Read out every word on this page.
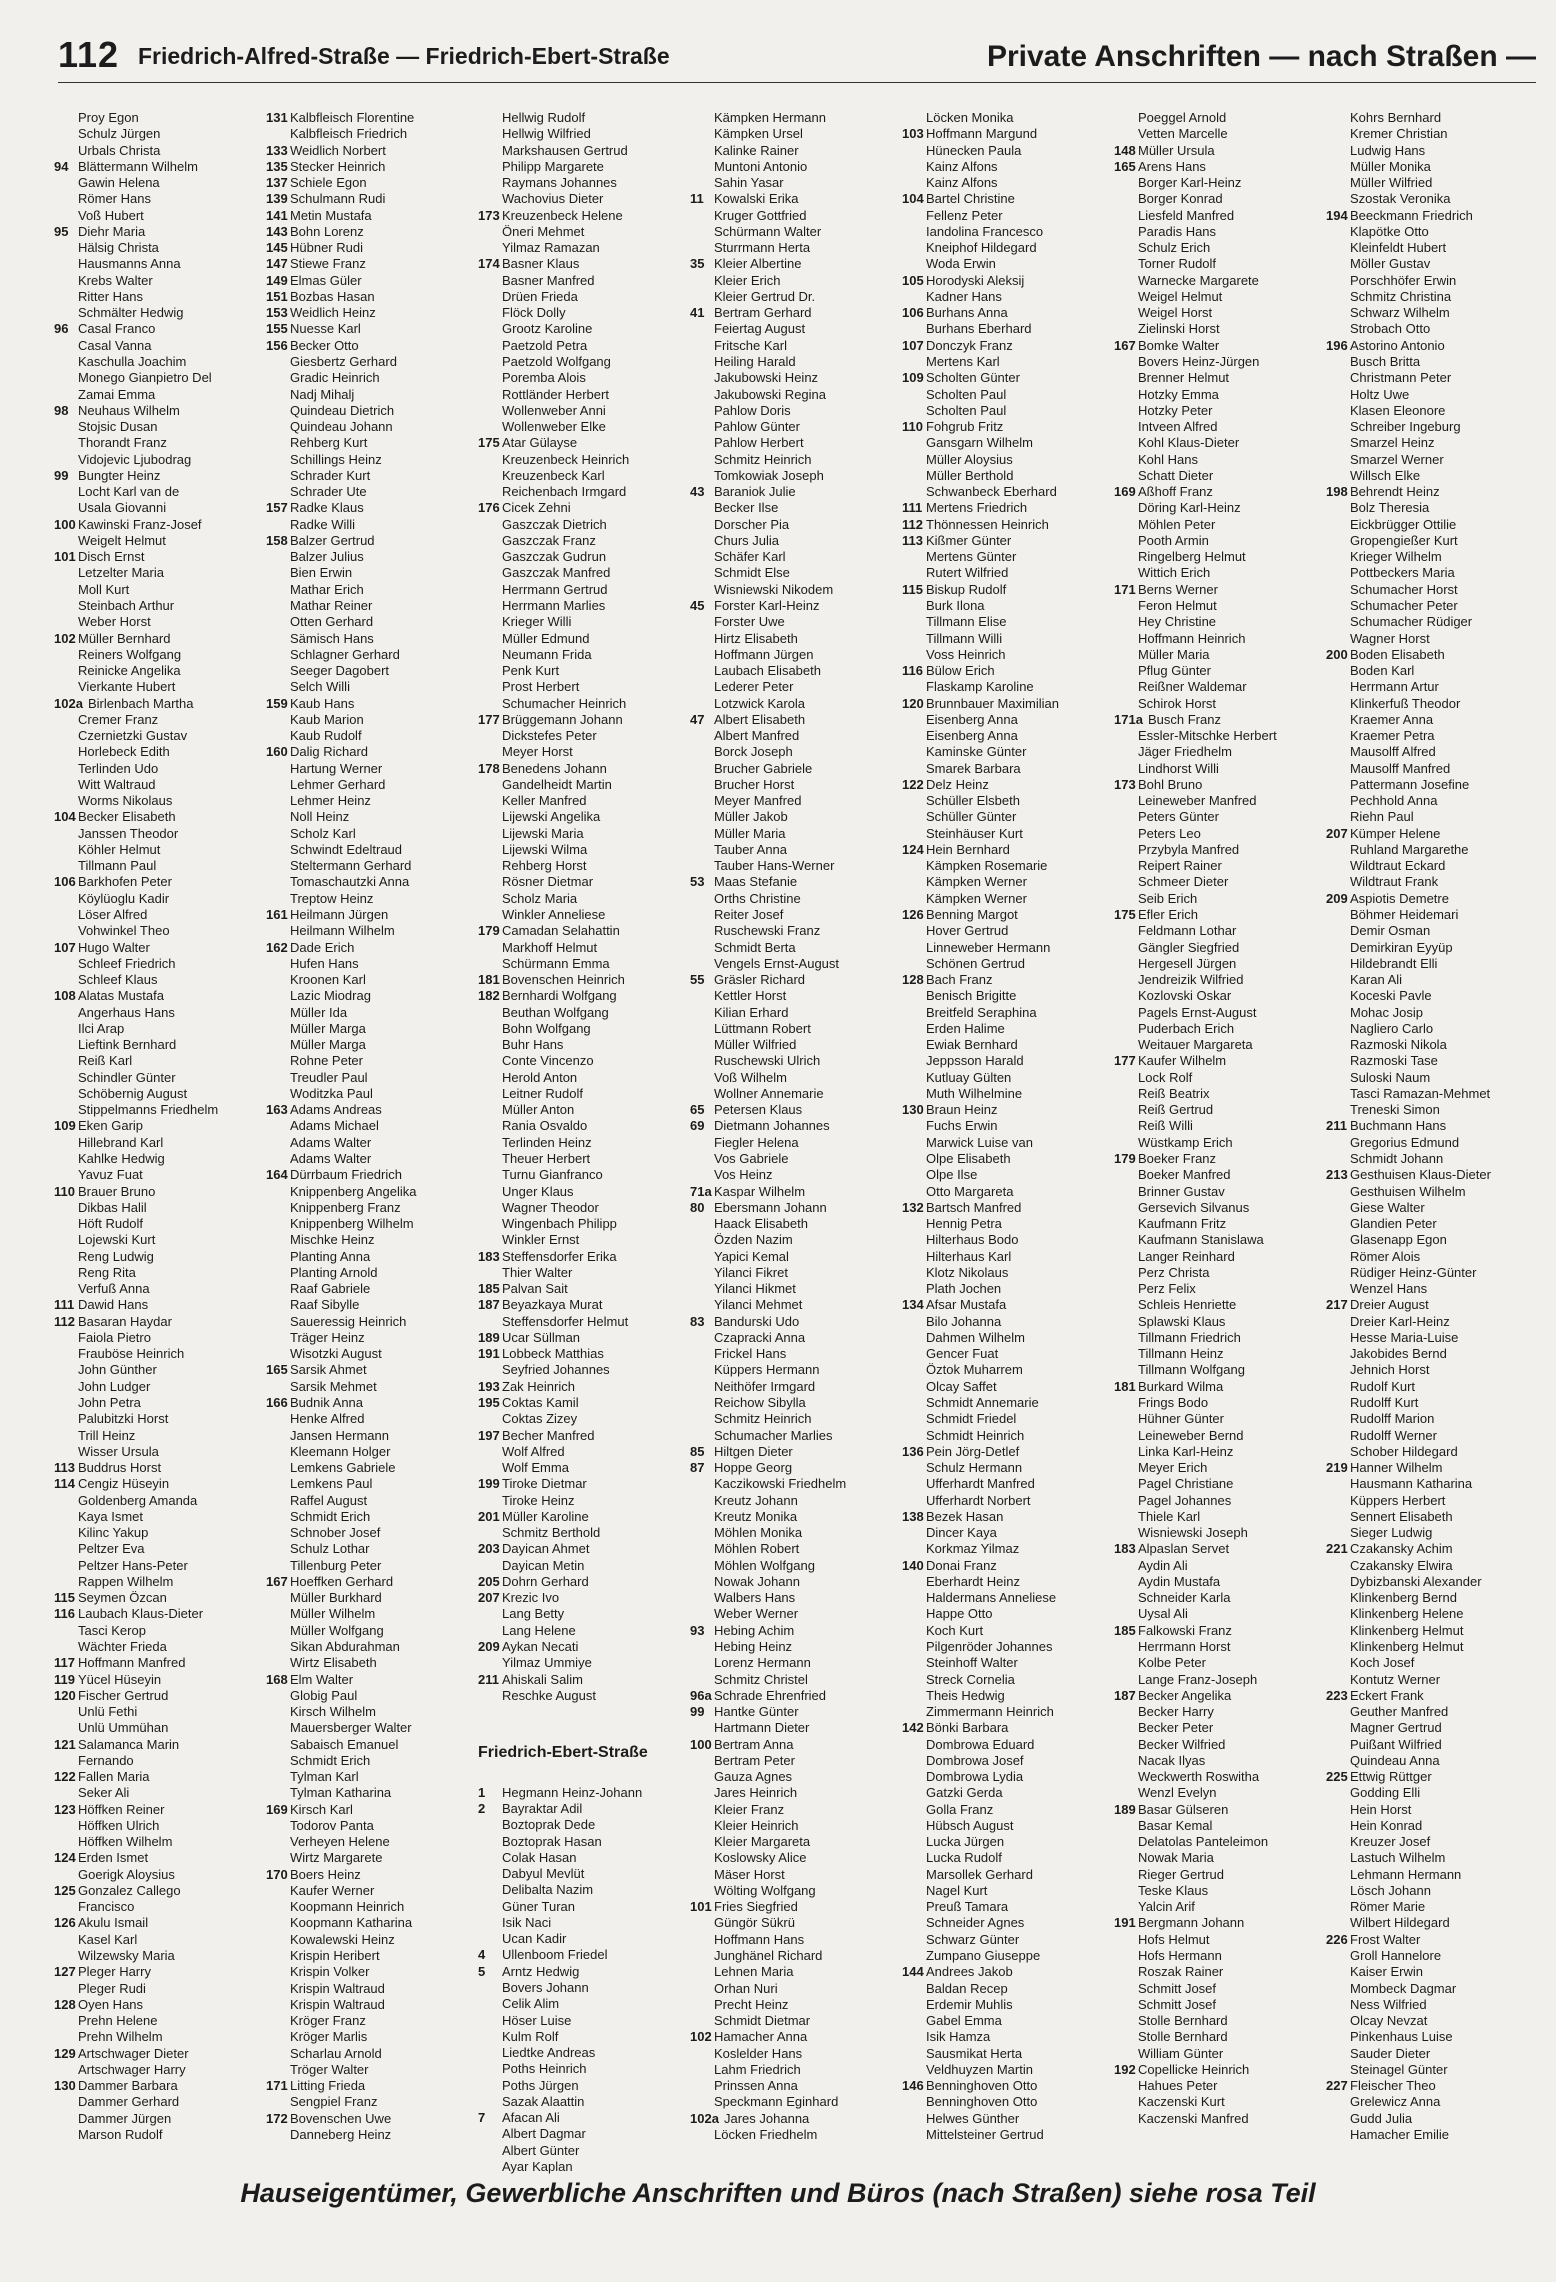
112 Friedrich-Alfred-Straße — Friedrich-Ebert-Straße	Private Anschriften — nach Straßen —
Proy Egon
Schulz Jürgen
Urbals Christa
94 Blättermann Wilhelm
Gawin Helena
Römer Hans
Voß Hubert
95 Diehr Maria
Hälsig Christa
Hausmanns Anna
Krebs Walter
Ritter Hans
Schmälter Hedwig
96 Casal Franco
Casal Vanna
Kaschulla Joachim
Monego Gianpietro Del
Zamai Emma
98 Neuhaus Wilhelm
Stojsic Dusan
Thorandt Franz
Vidojevic Ljubodrag
99 Bungter Heinz
Locht Karl van de
Usala Giovanni
100 Kawinski Franz-Josef
Weigelt Helmut
101 Disch Ernst
Letzelter Maria
Moll Kurt
Steinbach Arthur
Weber Horst
102 Müller Bernhard
Reiners Wolfgang
Reinicke Angelika
Vierkante Hubert
102a Birlenbach Martha
Cremer Franz
Czernietzki Gustav
Horlebeck Edith
Terlinden Udo
Witt Waltraud
Worms Nikolaus
104 Becker Elisabeth
Janssen Theodor
Köhler Helmut
Tillmann Paul
106 Barkhofen Peter
Köylüoglu Kadir
Löser Alfred
Vohwinkel Theo
107 Hugo Walter
Schleef Friedrich
Schleef Klaus
108 Alatas Mustafa
Angerhaus Hans
Ilci Arap
Lieftink Bernhard
Reiß Karl
Schindler Günter
Schöbernig August
Stippelmanns Friedhelm
109 Eken Garip
Hillebrand Karl
Kahlke Hedwig
Yavuz Fuat
110 Brauer Bruno
Dikbas Halil
Höft Rudolf
Lojewski Kurt
Reng Ludwig
Reng Rita
Verfuß Anna
111 Dawid Hans
112 Basaran Haydar
Faiola Pietro
Frauböse Heinrich
John Günther
John Ludger
John Petra
Palubitzki Horst
Trill Heinz
Wisser Ursula
113 Buddrus Horst
114 Cengiz Hüseyin
Goldenberg Amanda
Kaya Ismet
Kilinc Yakup
Peltzer Eva
Peltzer Hans-Peter
Rappen Wilhelm
115 Seymen Özcan
116 Laubach Klaus-Dieter
Tasci Kerop
Wächter Frieda
117 Hoffmann Manfred
119 Yücel Hüseyin
120 Fischer Gertrud
Unlü Fethi
Unlü Ummühan
121 Salamanca Marin
Fernando
122 Fallen Maria
Seker Ali
123 Höffken Reiner
Höffken Ulrich
Höffken Wilhelm
124 Erden Ismet
Goerigk Aloysius
125 Gonzalez Callego
Francisco
126 Akulu Ismail
Kasel Karl
Wilzewsky Maria
127 Pleger Harry
Pleger Rudi
128 Oyen Hans
Prehn Helene
Prehn Wilhelm
129 Artschwager Dieter
Artschwager Harry
130 Dammer Barbara
Dammer Gerhard
Dammer Jürgen
Marson Rudolf
131 Kalbfleisch Florentine
Kalbfleisch Friedrich
133 Weidlich Norbert
135 Stecker Heinrich
137 Schiele Egon
139 Schulmann Rudi
141 Metin Mustafa
143 Bohn Lorenz
145 Hübner Rudi
147 Stiewe Franz
149 Elmas Güler
151 Bozbas Hasan
153 Weidlich Heinz
155 Nuesse Karl
156 Becker Otto
Giesbertz Gerhard
Gradic Heinrich
Nadj Mihalj
Quindeau Dietrich
Quindeau Johann
Rehberg Kurt
Schillings Heinz
Schrader Kurt
Schrader Ute
157 Radke Klaus
Radke Willi
158 Balzer Gertrud
Balzer Julius
Bien Erwin
Mathar Erich
Mathar Reiner
Otten Gerhard
Sämisch Hans
Schlagner Gerhard
Seeger Dagobert
Selch Willi
159 Kaub Hans
Kaub Marion
Kaub Rudolf
160 Dalig Richard
Hartung Werner
Lehmer Gerhard
Lehmer Heinz
Noll Heinz
Scholz Karl
Schwindt Edeltraud
Steltermann Gerhard
Tomaschautzki Anna
Treptow Heinz
161 Heilmann Jürgen
Heilmann Wilhelm
162 Dade Erich
Hufen Hans
Kroonen Karl
Lazic Miodrag
Müller Ida
Müller Marga
Müller Marga
Rohne Peter
Treudler Paul
Woditzka Paul
163 Adams Andreas
Adams Michael
Adams Walter
Adams Walter
164 Dürrbaum Friedrich
Knippenberg Angelika
Knippenberg Franz
Knippenberg Wilhelm
Mischke Heinz
Planting Anna
Planting Arnold
Raaf Gabriele
Raaf Sibylle
Saueressig Heinrich
Träger Heinz
Wisotzki August
165 Sarsik Ahmet
Sarsik Mehmet
166 Budnik Anna
Henke Alfred
Jansen Hermann
Kleemann Holger
Lemkens Gabriele
Lemkens Paul
Raffel August
Schmidt Erich
Schnober Josef
Schulz Lothar
Tillenburg Peter
167 Hoeffken Gerhard
Müller Burkhard
Müller Wilhelm
Müller Wolfgang
Sikan Abdurahman
Wirtz Elisabeth
168 Elm Walter
Globig Paul
Kirsch Wilhelm
Mauersberger Walter
Sabaisch Emanuel
Schmidt Erich
Tylman Karl
Tylman Katharina
169 Kirsch Karl
Todorov Panta
Verheyen Helene
Wirtz Margarete
170 Boers Heinz
Kaufer Werner
Koopmann Heinrich
Koopmann Katharina
Kowalewski Heinz
Krispin Heribert
Krispin Volker
Krispin Waltraud
Krispin Waltraud
Kröger Franz
Kröger Marlis
Scharlau Arnold
Tröger Walter
171 Litting Frieda
Sengpiel Franz
172 Bovenschen Uwe
Danneberg Heinz
Hellwig Rudolf
Hellwig Wilfried
Markshausen Gertrud
Philipp Margarete
Raymans Johannes
Wachovius Dieter
173 Kreuzenbeck Helene
Öneri Mehmet
Yilmaz Ramazan
174 Basner Klaus
Basner Manfred
Drüen Frieda
Flöck Dolly
Grootz Karoline
Paetzold Petra
Paetzold Wolfgang
Poremba Alois
Rottländer Herbert
Wollenweber Anni
Wollenweber Elke
175 Atar Gülayse
Kreuzenbeck Heinrich
Kreuzenbeck Karl
Reichenbach Irmgard
176 Cicek Zehni
Gaszczak Dietrich
Gaszczak Franz
Gaszczak Gudrun
Gaszczak Manfred
Herrmann Gertrud
Herrmann Marlies
Krieger Willi
Müller Edmund
Neumann Frida
Penk Kurt
Prost Herbert
Schumacher Heinrich
177 Brüggemann Johann
Dickstefes Peter
Meyer Horst
178 Benedens Johann
Gandelheidt Martin
Keller Manfred
Lijewski Angelika
Lijewski Maria
Lijewski Wilma
Rehberg Horst
Rösner Dietmar
Scholz Maria
Winkler Anneliese
179 Camadan Selahattin
Markhoff Helmut
Schürmann Emma
181 Bovenschen Heinrich
182 Bernhardi Wolfgang
Beuthan Wolfgang
Bohn Wolfgang
Buhr Hans
Conte Vincenzo
Herold Anton
Leitner Rudolf
Müller Anton
Rania Osvaldo
Terlinden Heinz
Theuer Herbert
Turnu Gianfranco
Unger Klaus
Wagner Theodor
Wingenbach Philipp
Winkler Ernst
183 Steffensdorfer Erika
Thier Walter
185 Palvan Sait
187 Beyazkaya Murat
Steffensdorfer Helmut
189 Ucar Süllman
191 Lobbeck Matthias
Seyfried Johannes
193 Zak Heinrich
195 Coktas Kamil
Coktas Zizey
197 Becher Manfred
Wolf Alfred
Wolf Emma
199 Tiroke Dietmar
Tiroke Heinz
201 Müller Karoline
Schmitz Berthold
203 Dayican Ahmet
Dayican Metin
205 Dohrn Gerhard
207 Krezic Ivo
Lang Betty
Lang Helene
209 Aykan Necati
Yilmaz Ummiye
211 Ahiskali Salim
Reschke August
Friedrich-Ebert-Straße
1 Hegmann Heinz-Johann
2 Bayraktar Adil
Boztoprak Dede
Boztoprak Hasan
Colak Hasan
Dabyul Mevlüt
Delibalta Nazim
Güner Turan
Isik Naci
Ucan Kadir
4 Ullenboom Friedel
5 Arntz Hedwig
Bovers Johann
Celik Alim
Höser Luise
Kulm Rolf
Liedtke Andreas
Poths Heinrich
Poths Jürgen
Sazak Alaattin
7 Afacan Ali
Albert Dagmar
Albert Günter
Ayar Kaplan
Kämpken Hermann
Kämpken Ursel
Kalinke Rainer
Muntoni Antonio
Sahin Yasar
11 Kowalski Erika
Kruger Gottfried
Schürmann Walter
Sturrmann Herta
35 Kleier Albertine
Kleier Erich
Kleier Gertrud Dr.
41 Bertram Gerhard
Feiertag August
Fritsche Karl
Heiling Harald
Jakubowski Heinz
Jakubowski Regina
Pahlow Doris
Pahlow Günter
Pahlow Herbert
Schmitz Heinrich
Tomkowiak Joseph
43 Baraniok Julie
Becker Ilse
Dorscher Pia
Churs Julia
Schäfer Karl
Schmidt Else
Wisniewski Nikodem
45 Forster Karl-Heinz
Forster Uwe
Hirtz Elisabeth
Hoffmann Jürgen
Laubach Elisabeth
Lederer Peter
Lotzwick Karola
47 Albert Elisabeth
Albert Manfred
Borck Joseph
Brucher Gabriele
Brucher Horst
Meyer Manfred
Müller Jakob
Müller Maria
Tauber Anna
Tauber Hans-Werner
53 Maas Stefanie
Orths Christine
Reiter Josef
Ruschewski Franz
Schmidt Berta
Vengels Ernst-August
55 Gräsler Richard
Kettler Horst
Kilian Erhard
Lüttmann Robert
Müller Wilfried
Ruschewski Ulrich
Voß Wilhelm
Wollner Annemarie
65 Petersen Klaus
69 Dietmann Johannes
Fiegler Helena
Vos Gabriele
Vos Heinz
71a Kaspar Wilhelm
80 Ebersmann Johann
Haack Elisabeth
Özden Nazim
Yapici Kemal
Yilanci Fikret
Yilanci Hikmet
Yilanci Mehmet
83 Bandurski Udo
Czapracki Anna
Frickel Hans
Küppers Hermann
Neithöfer Irmgard
Reichow Sibylla
Schmitz Heinrich
Schumacher Marlies
85 Hiltgen Dieter
87 Hoppe Georg
Kaczikowski Friedhelm
Kreutz Johann
Kreutz Monika
Möhlen Monika
Möhlen Robert
Möhlen Wolfgang
Nowak Johann
Walbers Hans
Weber Werner
93 Hebing Achim
Hebing Heinz
Lorenz Hermann
Schmitz Christel
96a Schrade Ehrenfried
99 Hantke Günter
Hartmann Dieter
100 Bertram Anna
Bertram Peter
Gauza Agnes
Jares Heinrich
Kleier Franz
Kleier Heinrich
Kleier Margareta
Koslowsky Alice
Mäser Horst
Wölting Wolfgang
101 Fries Siegfried
Güngör Sükrü
Hoffmann Hans
Junghänel Richard
Lehnen Maria
Orhan Nuri
Precht Heinz
Schmidt Dietmar
102 Hamacher Anna
Koslelder Hans
Lahm Friedrich
Prinssen Anna
Speckmann Eginhard
102a Jares Johanna
Löcken Friedhelm
Löcken Monika
103 Hoffmann Margund
Hünecken Paula
Kainz Alfons
Kainz Alfons
104 Bartel Christine
Fellenz Peter
Iandolina Francesco
Kneiphof Hildegard
Woda Erwin
105 Horodyski Aleksij
Kadner Hans
106 Burhans Anna
Burhans Eberhard
107 Donczyk Franz
Mertens Karl
109 Scholten Günter
Scholten Paul
Scholten Paul
110 Fohgrub Fritz
Gansgarn Wilhelm
Müller Aloysius
Müller Berthold
Schwanbeck Eberhard
111 Mertens Friedrich
112 Thönnessen Heinrich
113 Kißmer Günter
Mertens Günter
Rutert Wilfried
115 Biskup Rudolf
Burk Ilona
Tillmann Elise
Tillmann Willi
Voss Heinrich
116 Bülow Erich
Flaskamp Karoline
120 Brunnbauer Maximilian
Eisenberg Anna
Eisenberg Anna
Kaminske Günter
Smarek Barbara
122 Delz Heinz
Schüller Elsbeth
Schüller Günter
Steinhäuser Kurt
124 Hein Bernhard
Kämpken Rosemarie
Kämpken Werner
Kämpken Werner
126 Benning Margot
Hover Gertrud
Linneweber Hermann
Schönen Gertrud
128 Bach Franz
Benisch Brigitte
Breitfeld Seraphina
Erden Halime
Ewiak Bernhard
Jeppsson Harald
Kutluay Gülten
Muth Wilhelmine
130 Braun Heinz
Fuchs Erwin
Marwick Luise van
Olpe Elisabeth
Olpe Ilse
Otto Margareta
132 Bartsch Manfred
Hennig Petra
Hilterhaus Bodo
Hilterhaus Karl
Klotz Nikolaus
Plath Jochen
134 Afsar Mustafa
Bilo Johanna
Dahmen Wilhelm
Gencer Fuat
Öztok Muharrem
Olcay Saffet
Schmidt Annemarie
Schmidt Friedel
Schmidt Heinrich
136 Pein Jörg-Detlef
Schulz Hermann
Ufferhardt Manfred
Ufferhardt Norbert
138 Bezek Hasan
Dincer Kaya
Korkmaz Yilmaz
140 Donai Franz
Eberhardt Heinz
Haldermans Anneliese
Happe Otto
Koch Kurt
Pilgenröder Johannes
Steinhoff Walter
Streck Cornelia
Theis Hedwig
Zimmermann Heinrich
142 Bönki Barbara
Dombrowa Eduard
Dombrowa Josef
Dombrowa Lydia
Gatzki Gerda
Golla Franz
Hübsch August
Lucka Jürgen
Lucka Rudolf
Marsollek Gerhard
Nagel Kurt
Preuß Tamara
Schneider Agnes
Schwarz Günter
Zumpano Giuseppe
144 Andrees Jakob
Baldan Recep
Erdemir Muhlis
Gabel Emma
Isik Hamza
Sausmikat Herta
Veldhuyzen Martin
146 Benninghoven Otto
Benninghoven Otto
Helwes Günther
Mittelsteiner Gertrud
Poeggel Arnold
Vetten Marcelle
148 Müller Ursula
165 Arens Hans
Borger Karl-Heinz
Borger Konrad
Liesfeld Manfred
Paradis Hans
Schulz Erich
Torner Rudolf
Warnecke Margarete
Weigel Helmut
Weigel Horst
Zielinski Horst
167 Bomke Walter
Bovers Heinz-Jürgen
Brenner Helmut
Hotzky Emma
Hotzky Peter
Intveen Alfred
Kohl Klaus-Dieter
Kohl Hans
Schatt Dieter
169 Aßhoff Franz
Döring Karl-Heinz
Möhlen Peter
Pooth Armin
Ringelberg Helmut
Wittich Erich
171 Berns Werner
Feron Helmut
Hey Christine
Hoffmann Heinrich
Müller Maria
Pflug Günter
Reißner Waldemar
Schirok Horst
171a Busch Franz
Essler-Mitschke Herbert
Jäger Friedhelm
Lindhorst Willi
173 Bohl Bruno
Leineweber Manfred
Peters Günter
Peters Leo
Przybyla Manfred
Reipert Rainer
Schmeer Dieter
Seib Erich
175 Efler Erich
Feldmann Lothar
Gängler Siegfried
Hergesell Jürgen
Jendreizik Wilfried
Kozlovski Oskar
Pagels Ernst-August
Puderbach Erich
Weitauer Margareta
177 Kaufer Wilhelm
Lock Rolf
Reiß Beatrix
Reiß Gertrud
Reiß Willi
Wüstkamp Erich
179 Boeker Franz
Boeker Manfred
Brinner Gustav
Gersevich Silvanus
Kaufmann Fritz
Kaufmann Stanislawa
Langer Reinhard
Perz Christa
Perz Felix
Schleis Henriette
Splawski Klaus
Tillmann Friedrich
Tillmann Heinz
Tillmann Wolfgang
181 Burkard Wilma
Frings Bodo
Hühner Günter
Leineweber Bernd
Linka Karl-Heinz
Meyer Erich
Pagel Christiane
Pagel Johannes
Thiele Karl
Wisniewski Joseph
183 Alpaslan Servet
Aydin Ali
Aydin Mustafa
Schneider Karla
Uysal Ali
185 Falkowski Franz
Herrmann Horst
Kolbe Peter
Lange Franz-Joseph
187 Becker Angelika
Becker Harry
Becker Peter
Becker Wilfried
Nacak Ilyas
Weckwerth Roswitha
Wenzl Evelyn
189 Basar Gülseren
Basar Kemal
Delatolas Panteleimon
Nowak Maria
Rieger Gertrud
Teske Klaus
Yalcin Arif
191 Bergmann Johann
Hofs Helmut
Hofs Hermann
Roszak Rainer
Schmitt Josef
Schmitt Josef
Stolle Bernhard
Stolle Bernhard
William Günter
192 Copellicke Heinrich
Hahues Peter
Kaczenski Kurt
Kaczenski Manfred
Kohrs Bernhard
Kremer Christian
Ludwig Hans
Müller Monika
Müller Wilfried
Szostak Veronika
194 Beeckmann Friedrich
Klapötke Otto
Kleinfeldt Hubert
Möller Gustav
Porschhöfer Erwin
Schmitz Christina
Schwarz Wilhelm
Strobach Otto
196 Astorino Antonio
Busch Britta
Christmann Peter
Holtz Uwe
Klasen Eleonore
Schreiber Ingeburg
Smarzel Heinz
Smarzel Werner
Willsch Elke
198 Behrendt Heinz
Bolz Theresia
Eickbrügger Ottilie
Gropengießer Kurt
Krieger Wilhelm
Pottbeckers Maria
Schumacher Horst
Schumacher Peter
Schumacher Rüdiger
Wagner Horst
200 Boden Elisabeth
Boden Karl
Herrmann Artur
Klinkerfuß Theodor
Kraemer Anna
Kraemer Petra
Mausolff Alfred
Mausolff Manfred
Pattermann Josefine
Pechhold Anna
Riehn Paul
207 Kümper Helene
Ruhland Margarethe
Wildtraut Eckard
Wildtraut Frank
209 Aspiotis Demetre
Böhmer Heidemari
Demir Osman
Demirkiran Eyyüp
Hildebrandt Elli
Karan Ali
Koceski Pavle
Mohac Josip
Nagliero Carlo
Razmoski Nikola
Razmoski Tase
Suloski Naum
Tasci Ramazan-Mehmet
Treneski Simon
211 Buchmann Hans
Gregorius Edmund
Schmidt Johann
213 Gesthuisen Klaus-Dieter
Gesthuisen Wilhelm
Giese Walter
Glandien Peter
Glasenapp Egon
Römer Alois
Rüdiger Heinz-Günter
Wenzel Hans
217 Dreier August
Dreier Karl-Heinz
Hesse Maria-Luise
Jakobides Bernd
Jehnich Horst
Rudolf Kurt
Rudolff Kurt
Rudolff Marion
Rudolff Werner
Schober Hildegard
219 Hanner Wilhelm
Hausmann Katharina
Küppers Herbert
Sennert Elisabeth
Sieger Ludwig
221 Czakansky Achim
Czakansky Elwira
Dybizbanski Alexander
Klinkenberg Bernd
Klinkenberg Helene
Klinkenberg Helmut
Klinkenberg Helmut
Koch Josef
Kontutz Werner
223 Eckert Frank
Geuther Manfred
Magner Gertrud
Puißant Wilfried
Quindeau Anna
225 Ettwig Rüttger
Godding Elli
Hein Horst
Hein Konrad
Kreuzer Josef
Lastuch Wilhelm
Lehmann Hermann
Lösch Johann
Römer Marie
Wilbert Hildegard
226 Frost Walter
Groll Hannelore
Kaiser Erwin
Mombeck Dagmar
Ness Wilfried
Olcay Nevzat
Pinkenhaus Luise
Sauder Dieter
Steinagel Günter
227 Fleischer Theo
Grelewicz Anna
Gudd Julia
Hamacher Emilie
Hauseigentümer, Gewerbliche Anschriften und Büros (nach Straßen) siehe rosa Teil
